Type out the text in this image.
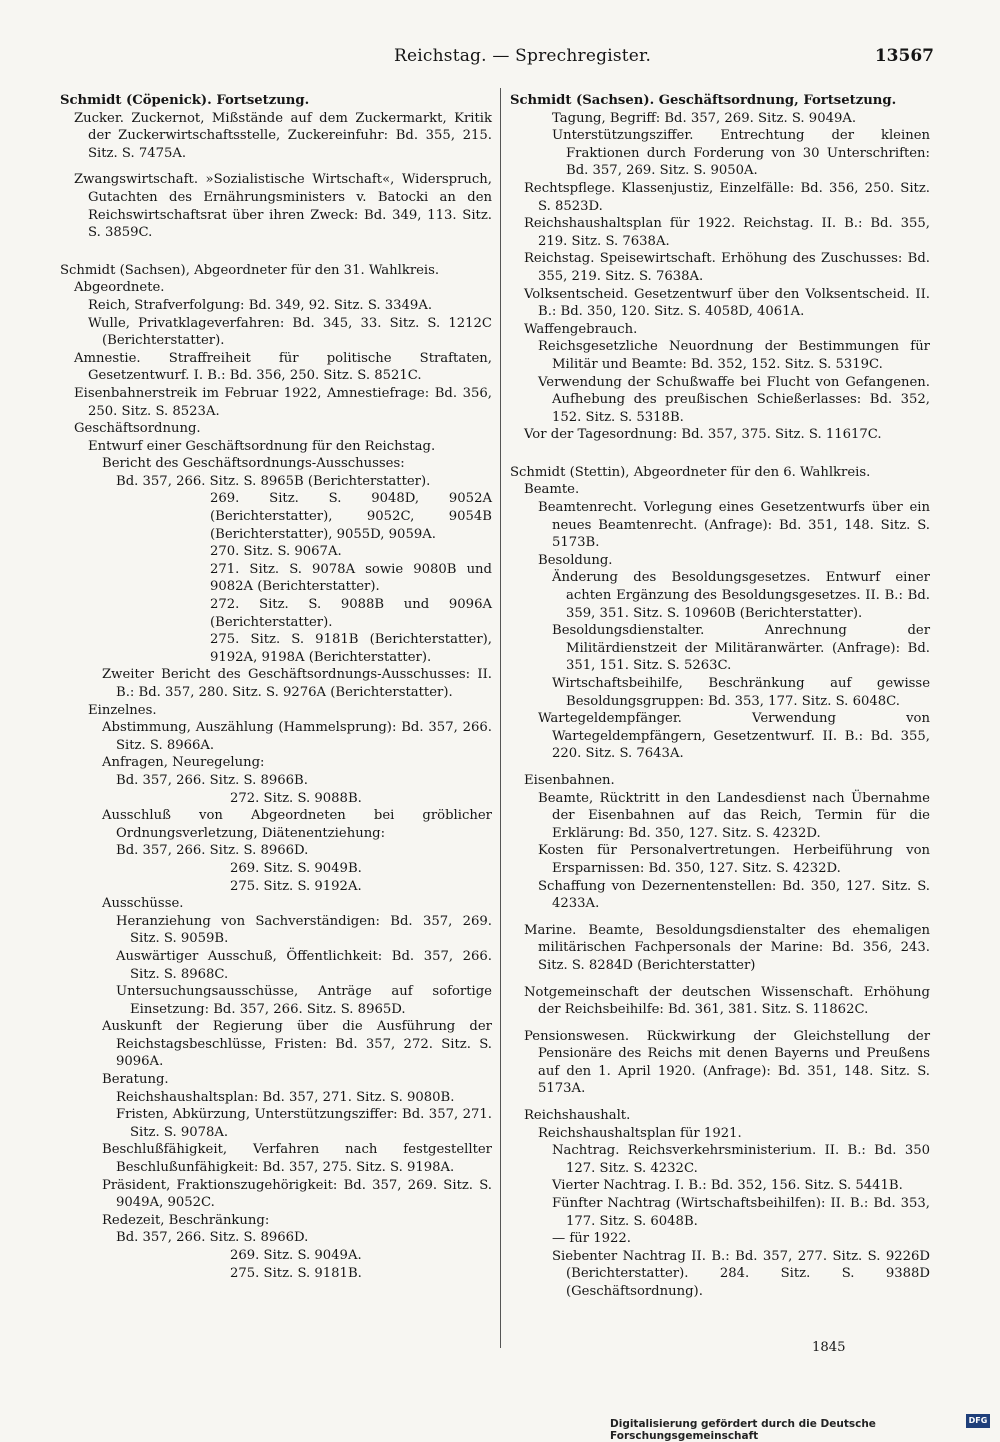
Reichstag. — Sprechregister.	13567

Schmidt (Cöpenick). Fortsetzung.

Zucker. Zuckernot, Mißstände auf dem Zuckermarkt, Kritik der Zuckerwirtschaftsstelle, Zuckereinfuhr: Bd. 355, 215. Sitz. S. 7475A.

Zwangswirtschaft. »Sozialistische Wirtschaft«, Widerspruch, Gutachten des Ernährungsministers v. Batocki an den Reichswirtschaftsrat über ihren Zweck: Bd. 349, 113. Sitz. S. 3859C.

Schmidt (Sachsen), Abgeordneter für den 31. Wahlkreis.

Abgeordnete.

Reich, Strafverfolgung: Bd. 349, 92. Sitz. S. 3349A.

Wulle, Privatklageverfahren: Bd. 345, 33. Sitz. S. 1212C (Berichterstatter).

Amnestie. Straffreiheit für politische Straftaten, Gesetzentwurf. I. B.: Bd. 356, 250. Sitz. S. 8521C.

Eisenbahnerstreik im Februar 1922, Amnestiefrage: Bd. 356, 250. Sitz. S. 8523A.

Geschäftsordnung.

Entwurf einer Geschäftsordnung für den Reichstag.

Bericht des Geschäftsordnungs-Ausschusses:

Bd. 357, 266. Sitz. S. 8965B (Berichterstatter).

269. Sitz. S. 9048D, 9052A (Berichterstatter), 9052C, 9054B (Berichterstatter), 9055D, 9059A.

270. Sitz. S. 9067A.

271. Sitz. S. 9078A sowie 9080B und 9082A (Berichterstatter).

272. Sitz. S. 9088B und 9096A (Berichterstatter).

275. Sitz. S. 9181B (Berichterstatter), 9192A, 9198A (Berichterstatter).

Zweiter Bericht des Geschäftsordnungs-Ausschusses: II. B.: Bd. 357, 280. Sitz. S. 9276A (Berichterstatter).

Einzelnes.

Abstimmung, Auszählung (Hammelsprung): Bd. 357, 266. Sitz. S. 8966A.

Anfragen, Neuregelung:

Bd. 357, 266. Sitz. S. 8966B.

272. Sitz. S. 9088B.

Ausschluß von Abgeordneten bei gröblicher Ordnungsverletzung, Diätenentziehung:

Bd. 357, 266. Sitz. S. 8966D.

269. Sitz. S. 9049B.

275. Sitz. S. 9192A.

Ausschüsse.

Heranziehung von Sachverständigen: Bd. 357, 269. Sitz. S. 9059B.

Auswärtiger Ausschuß, Öffentlichkeit: Bd. 357, 266. Sitz. S. 8968C.

Untersuchungsausschüsse, Anträge auf sofortige Einsetzung: Bd. 357, 266. Sitz. S. 8965D.

Auskunft der Regierung über die Ausführung der Reichstagsbeschlüsse, Fristen: Bd. 357, 272. Sitz. S. 9096A.

Beratung.

Reichshaushaltsplan: Bd. 357, 271. Sitz. S. 9080B.

Fristen, Abkürzung, Unterstützungsziffer: Bd. 357, 271. Sitz. S. 9078A.

Beschlußfähigkeit, Verfahren nach festgestellter Beschlußunfähigkeit: Bd. 357, 275. Sitz. S. 9198A.

Präsident, Fraktionszugehörigkeit: Bd. 357, 269. Sitz. S. 9049A, 9052C.

Redezeit, Beschränkung:

Bd. 357, 266. Sitz. S. 8966D.

269. Sitz. S. 9049A.

275. Sitz. S. 9181B.

Schmidt (Sachsen). Geschäftsordnung, Fortsetzung.

Tagung, Begriff: Bd. 357, 269. Sitz. S. 9049A.

Unterstützungsziffer. Entrechtung der kleinen Fraktionen durch Forderung von 30 Unterschriften: Bd. 357, 269. Sitz. S. 9050A.

Rechtspflege. Klassenjustiz, Einzelfälle: Bd. 356, 250. Sitz. S. 8523D.

Reichshaushaltsplan für 1922. Reichstag. II. B.: Bd. 355, 219. Sitz. S. 7638A.

Reichstag. Speisewirtschaft. Erhöhung des Zuschusses: Bd. 355, 219. Sitz. S. 7638A.

Volksentscheid. Gesetzentwurf über den Volksentscheid. II. B.: Bd. 350, 120. Sitz. S. 4058D, 4061A.

Waffengebrauch.

Reichsgesetzliche Neuordnung der Bestimmungen für Militär und Beamte: Bd. 352, 152. Sitz. S. 5319C.

Verwendung der Schußwaffe bei Flucht von Gefangenen. Aufhebung des preußischen Schießerlasses: Bd. 352, 152. Sitz. S. 5318B.

Vor der Tagesordnung: Bd. 357, 375. Sitz. S. 11617C.

Schmidt (Stettin), Abgeordneter für den 6. Wahlkreis.

Beamte.

Beamtenrecht. Vorlegung eines Gesetzentwurfs über ein neues Beamtenrecht. (Anfrage): Bd. 351, 148. Sitz. S. 5173B.

Besoldung.

Änderung des Besoldungsgesetzes. Entwurf einer achten Ergänzung des Besoldungsgesetzes. II. B.: Bd. 359, 351. Sitz. S. 10960B (Berichterstatter).

Besoldungsdienstalter. Anrechnung der Militärdienstzeit der Militäranwärter. (Anfrage): Bd. 351, 151. Sitz. S. 5263C.

Wirtschaftsbeihilfe, Beschränkung auf gewisse Besoldungsgruppen: Bd. 353, 177. Sitz. S. 6048C.

Wartegeldempfänger. Verwendung von Wartegeldempfängern, Gesetzentwurf. II. B.: Bd. 355, 220. Sitz. S. 7643A.

Eisenbahnen.

Beamte, Rücktritt in den Landesdienst nach Übernahme der Eisenbahnen auf das Reich, Termin für die Erklärung: Bd. 350, 127. Sitz. S. 4232D.

Kosten für Personalvertretungen. Herbeiführung von Ersparnissen: Bd. 350, 127. Sitz. S. 4232D.

Schaffung von Dezernentenstellen: Bd. 350, 127. Sitz. S. 4233A.

Marine. Beamte, Besoldungsdienstalter des ehemaligen militärischen Fachpersonals der Marine: Bd. 356, 243. Sitz. S. 8284D (Berichterstatter)

Notgemeinschaft der deutschen Wissenschaft. Erhöhung der Reichsbeihilfe: Bd. 361, 381. Sitz. S. 11862C.

Pensionswesen. Rückwirkung der Gleichstellung der Pensionäre des Reichs mit denen Bayerns und Preußens auf den 1. April 1920. (Anfrage): Bd. 351, 148. Sitz. S. 5173A.

Reichshaushalt.

Reichshaushaltsplan für 1921.

Nachtrag. Reichsverkehrsministerium. II. B.: Bd. 350 127. Sitz. S. 4232C.

Vierter Nachtrag. I. B.: Bd. 352, 156. Sitz. S. 5441B.

Fünfter Nachtrag (Wirtschaftsbeihilfen): II. B.: Bd. 353, 177. Sitz. S. 6048B.

— für 1922.

Siebenter Nachtrag II. B.: Bd. 357, 277. Sitz. S. 9226D (Berichterstatter). 284. Sitz. S. 9388D (Geschäftsordnung).

1845
Digitalisierung gefördert durch die Deutsche Forschungsgemeinschaft
DFG
